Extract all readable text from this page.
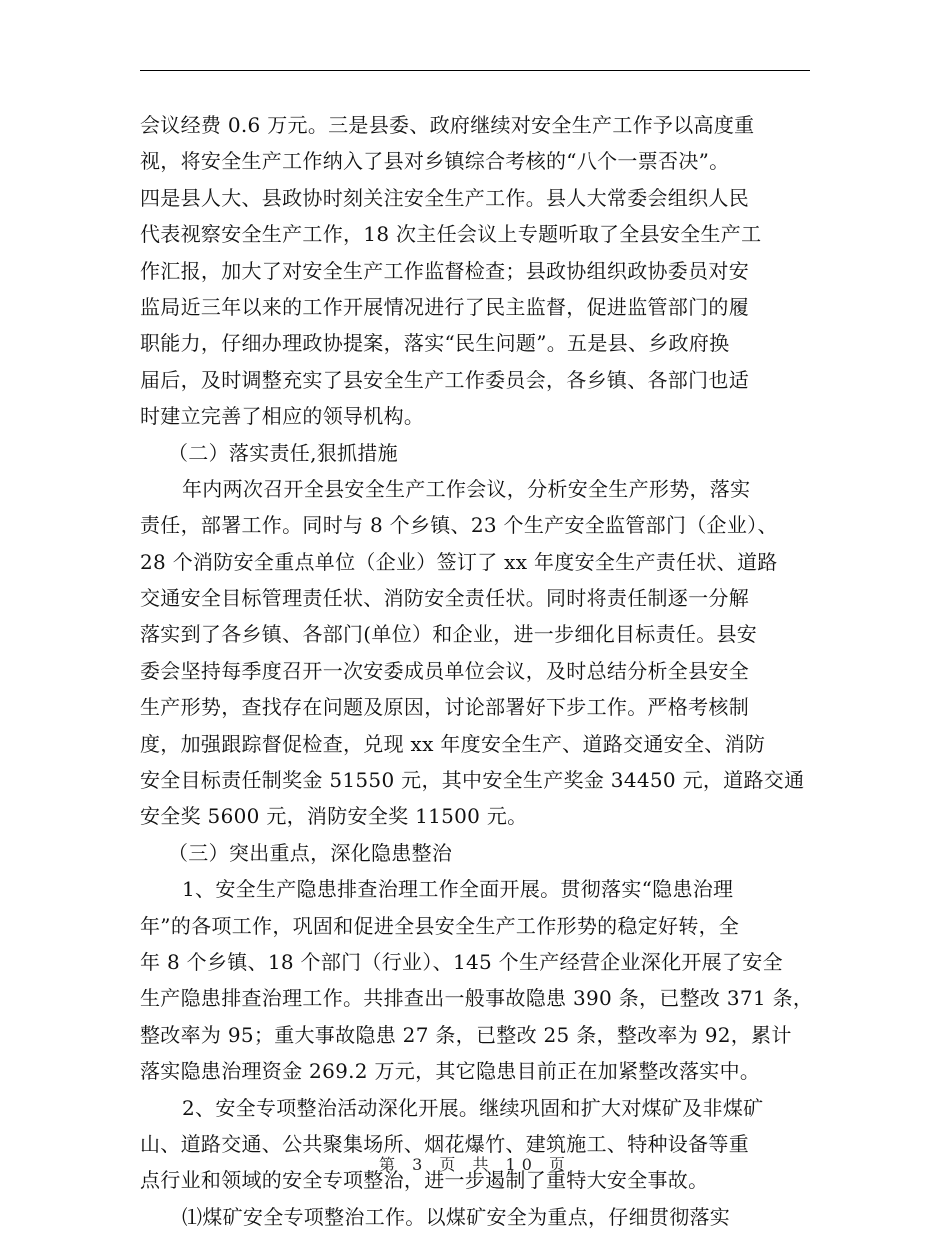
会议经费 0.6 万元。三是县委、政府继续对安全生产工作予以高度重
视，将安全生产工作纳入了县对乡镇综合考核的“八个一票否决”。
四是县人大、县政协时刻关注安全生产工作。县人大常委会组织人民
代表视察安全生产工作，18 次主任会议上专题听取了全县安全生产工
作汇报，加大了对安全生产工作监督检查；县政协组织政协委员对安
监局近三年以来的工作开展情况进行了民主监督，促进监管部门的履
职能力，仔细办理政协提案，落实“民生问题”。五是县、乡政府换
届后，及时调整充实了县安全生产工作委员会，各乡镇、各部门也适
时建立完善了相应的领导机构。
（二）落实责任,狠抓措施
年内两次召开全县安全生产工作会议，分析安全生产形势，落实
责任，部署工作。同时与 8 个乡镇、23 个生产安全监管部门（企业）、
28 个消防安全重点单位（企业）签订了 xx 年度安全生产责任状、道路
交通安全目标管理责任状、消防安全责任状。同时将责任制逐一分解
落实到了各乡镇、各部门(单位）和企业，进一步细化目标责任。县安
委会坚持每季度召开一次安委成员单位会议，及时总结分析全县安全
生产形势，查找存在问题及原因，讨论部署好下步工作。严格考核制
度，加强跟踪督促检查，兑现 xx 年度安全生产、道路交通安全、消防
安全目标责任制奖金 51550 元，其中安全生产奖金 34450 元，道路交通
安全奖 5600 元，消防安全奖 11500 元。
（三）突出重点，深化隐患整治
1、安全生产隐患排查治理工作全面开展。贯彻落实“隐患治理
年”的各项工作，巩固和促进全县安全生产工作形势的稳定好转，全
年 8 个乡镇、18 个部门（行业）、145 个生产经营企业深化开展了安全
生产隐患排查治理工作。共排查出一般事故隐患 390 条，已整改 371 条，
整改率为 95；重大事故隐患 27 条，已整改 25 条，整改率为 92，累计
落实隐患治理资金 269.2 万元，其它隐患目前正在加紧整改落实中。
2、安全专项整治活动深化开展。继续巩固和扩大对煤矿及非煤矿
山、道路交通、公共聚集场所、烟花爆竹、建筑施工、特种设备等重
点行业和领域的安全专项整治，进一步遏制了重特大安全事故。
⑴煤矿安全专项整治工作。以煤矿安全为重点，仔细贯彻落实
第 3 页 共 10 页
